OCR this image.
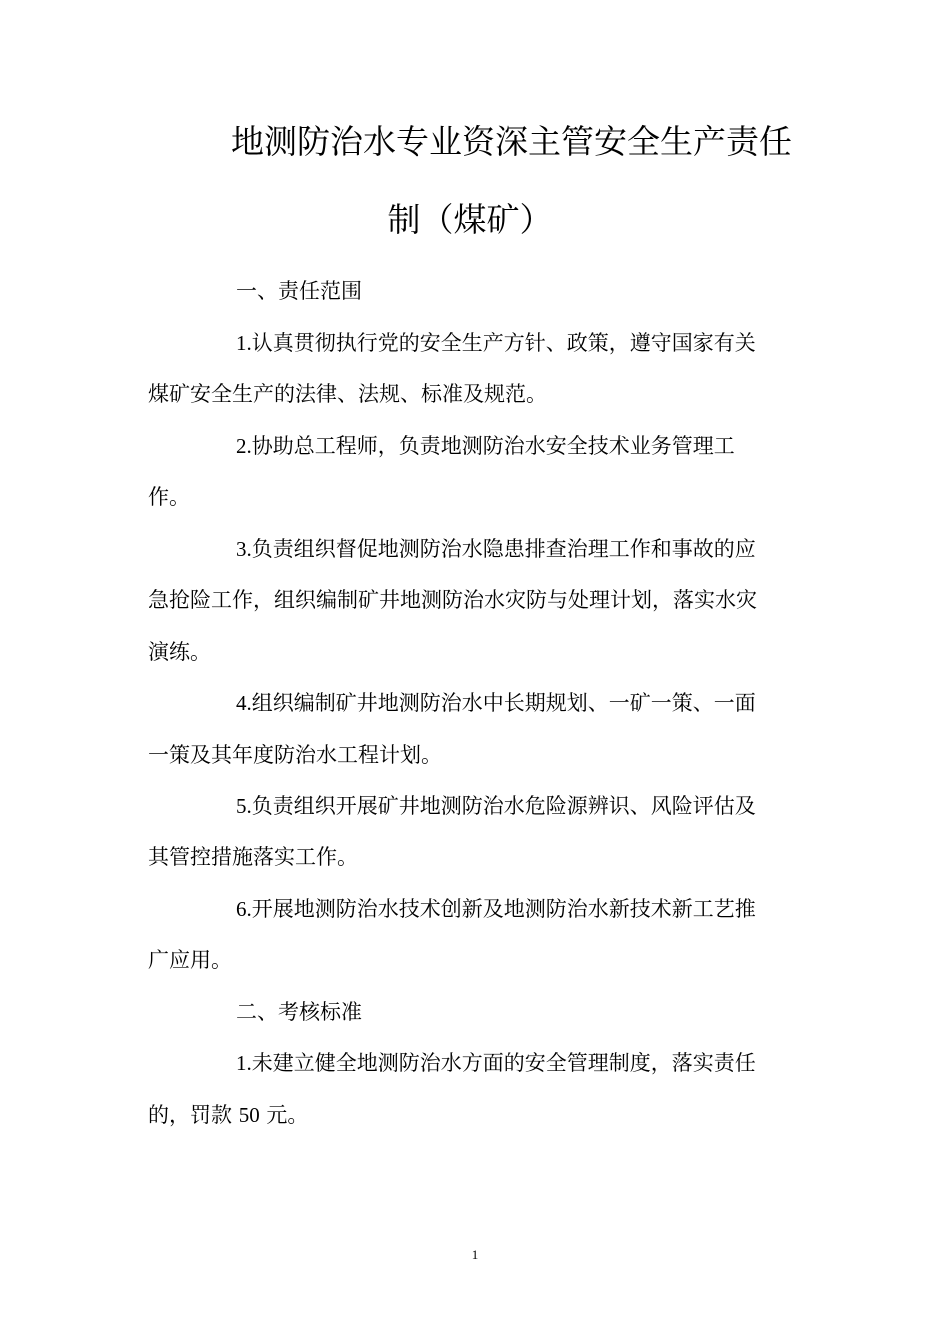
地测防治水专业资深主管安全生产责任
制（煤矿）
一、责任范围
1.认真贯彻执行党的安全生产方针、政策，遵守国家有关
煤矿安全生产的法律、法规、标准及规范。
2.协助总工程师，负责地测防治水安全技术业务管理工
作。
3.负责组织督促地测防治水隐患排查治理工作和事故的应
急抢险工作，组织编制矿井地测防治水灾防与处理计划，落实水灾
演练。
4.组织编制矿井地测防治水中长期规划、一矿一策、一面
一策及其年度防治水工程计划。
5.负责组织开展矿井地测防治水危险源辨识、风险评估及
其管控措施落实工作。
6.开展地测防治水技术创新及地测防治水新技术新工艺推
广应用。
二、考核标准
1.未建立健全地测防治水方面的安全管理制度，落实责任
的，罚款 50 元。
1
